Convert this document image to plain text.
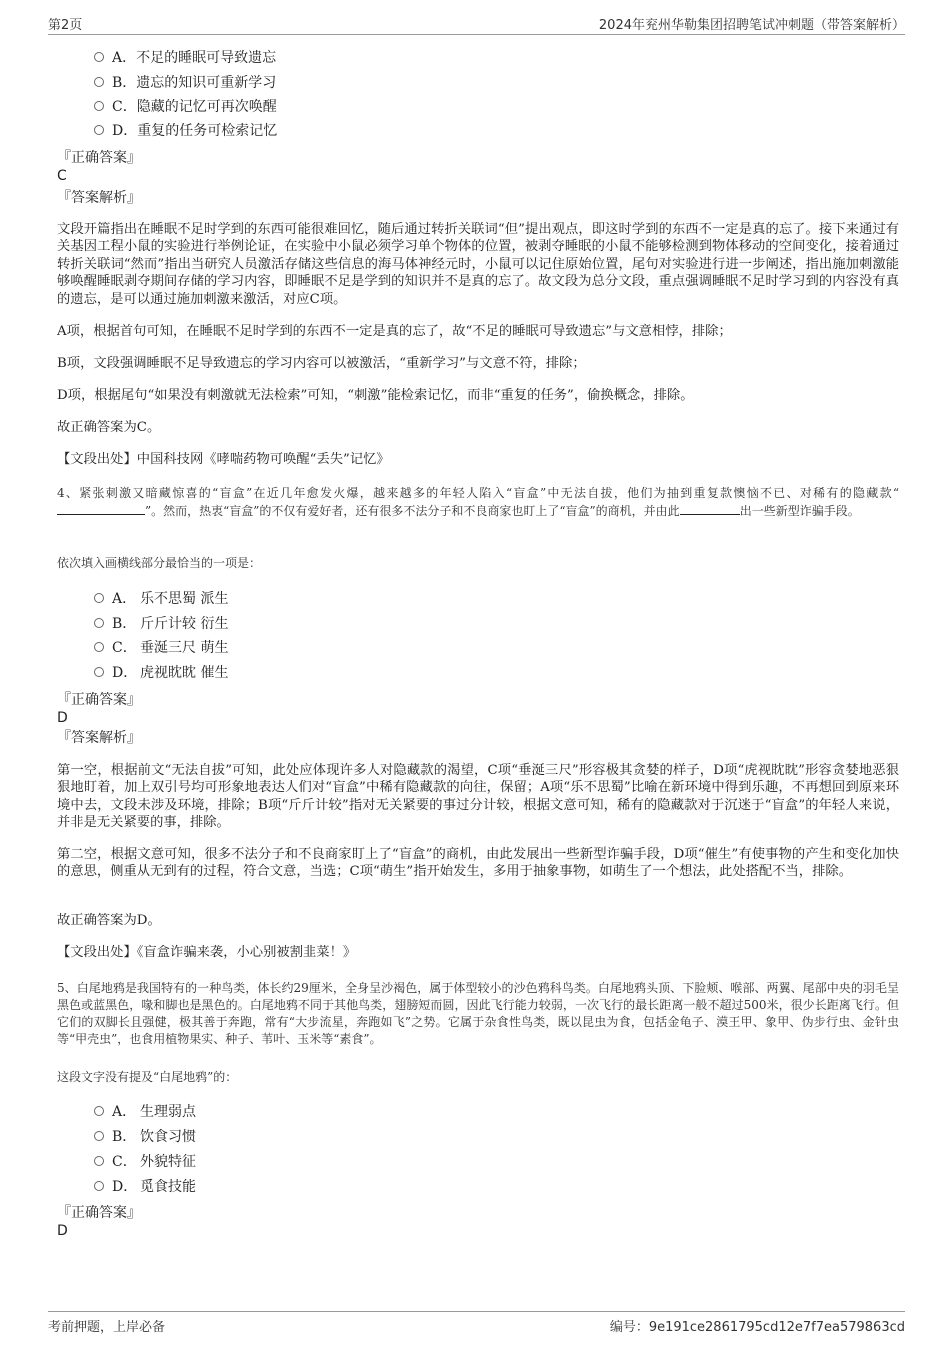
第2页	2024年兖州华勒集团招聘笔试冲刺题（带答案解析）
A．不足的睡眠可导致遗忘
B．遗忘的知识可重新学习
C．隐藏的记忆可再次唤醒
D．重复的任务可检索记忆
『正确答案』
C
『答案解析』
文段开篇指出在睡眠不足时学到的东西可能很难回忆，随后通过转折关联词“但”提出观点，即这时学到的东西不一定是真的忘了。接下来通过有关基因工程小鼠的实验进行举例论证，在实验中小鼠必须学习单个物体的位置，被剥夺睡眠的小鼠不能够检测到物体移动的空间变化，接着通过转折关联词“然而”指出当研究人员激活存储这些信息的海马体神经元时，小鼠可以记住原始位置，尾句对实验进行进一步阐述，指出施加刺激能够唤醒睡眠剥夺期间存储的学习内容，即睡眠不足是学到的知识并不是真的忘了。故文段为总分文段，重点强调睡眠不足时学习到的内容没有真的遗忘，是可以通过施加刺激来激活，对应C项。
A项，根据首句可知，在睡眠不足时学到的东西不一定是真的忘了，故“不足的睡眠可导致遗忘”与文意相悖，排除；
B项，文段强调睡眠不足导致遗忘的学习内容可以被激活，“重新学习”与文意不符，排除；
D项，根据尾句“如果没有刺激就无法检索”可知，“刺激”能检索记忆，而非“重复的任务”，偷换概念，排除。
故正确答案为C。
【文段出处】中国科技网《哮喘药物可唤醒“丢失”记忆》
4、紧张刺激又暗藏惊喜的“盲盒”在近几年愈发火爆，越来越多的年轻人陷入“盲盒”中无法自拔，他们为抽到重复款懊恼不已、对稀有的隐藏款“”。然而，热衷“盲盒”的不仅有爱好者，还有很多不法分子和不良商家也盯上了“盲盒”的商机，并由此	出一些新型诈骗手段。
依次填入画横线部分最恰当的一项是：
A． 乐不思蜀 派生
B． 斤斤计较 衍生
C． 垂涎三尺 萌生
D． 虎视眈眈 催生
『正确答案』
D
『答案解析』
第一空，根据前文“无法自拔”可知，此处应体现许多人对隐藏款的渴望，C项“垂涎三尺”形容极其贪婪的样子，D项“虎视眈眈”形容贪婪地恶狠狠地盯着，加上双引号均可形象地表达人们对“盲盒”中稀有隐藏款的向往，保留；A项“乐不思蜀”比喻在新环境中得到乐趣，不再想回到原来环境中去，文段未涉及环境，排除；B项“斤斤计较”指对无关紧要的事过分计较，根据文意可知，稀有的隐藏款对于沉迷于“盲盒”的年轻人来说，并非是无关紧要的事，排除。
第二空，根据文意可知，很多不法分子和不良商家盯上了“盲盒”的商机，由此发展出一些新型诈骗手段，D项“催生”有使事物的产生和变化加快的意思，侧重从无到有的过程，符合文意，当选；C项“萌生”指开始发生，多用于抽象事物，如萌生了一个想法，此处搭配不当，排除。
故正确答案为D。
【文段出处】《盲盒诈骗来袭，小心别被割韭菜！》
5、白尾地鸦是我国特有的一种鸟类，体长约29厘米，全身呈沙褐色，属于体型较小的沙色鸦科鸟类。白尾地鸦头顶、下脸颊、喉部、两翼、尾部中央的羽毛呈黑色或蓝黑色，喙和脚也是黑色的。白尾地鸦不同于其他鸟类，翅膀短而圆，因此飞行能力较弱，一次飞行的最长距离一般不超过500米，很少长距离飞行。但它们的双脚长且强健，极其善于奔跑，常有“大步流星，奔跑如飞”之势。它属于杂食性鸟类，既以昆虫为食，包括金龟子、漠王甲、象甲、伪步行虫、金针虫等“甲壳虫”，也食用植物果实、种子、苇叶、玉米等“素食”。
这段文字没有提及“白尾地鸦”的：
A． 生理弱点
B． 饮食习惯
C． 外貌特征
D． 觅食技能
『正确答案』
D
考前押题，上岸必备	编号：9e191ce2861795cd12e7f7ea579863cd
